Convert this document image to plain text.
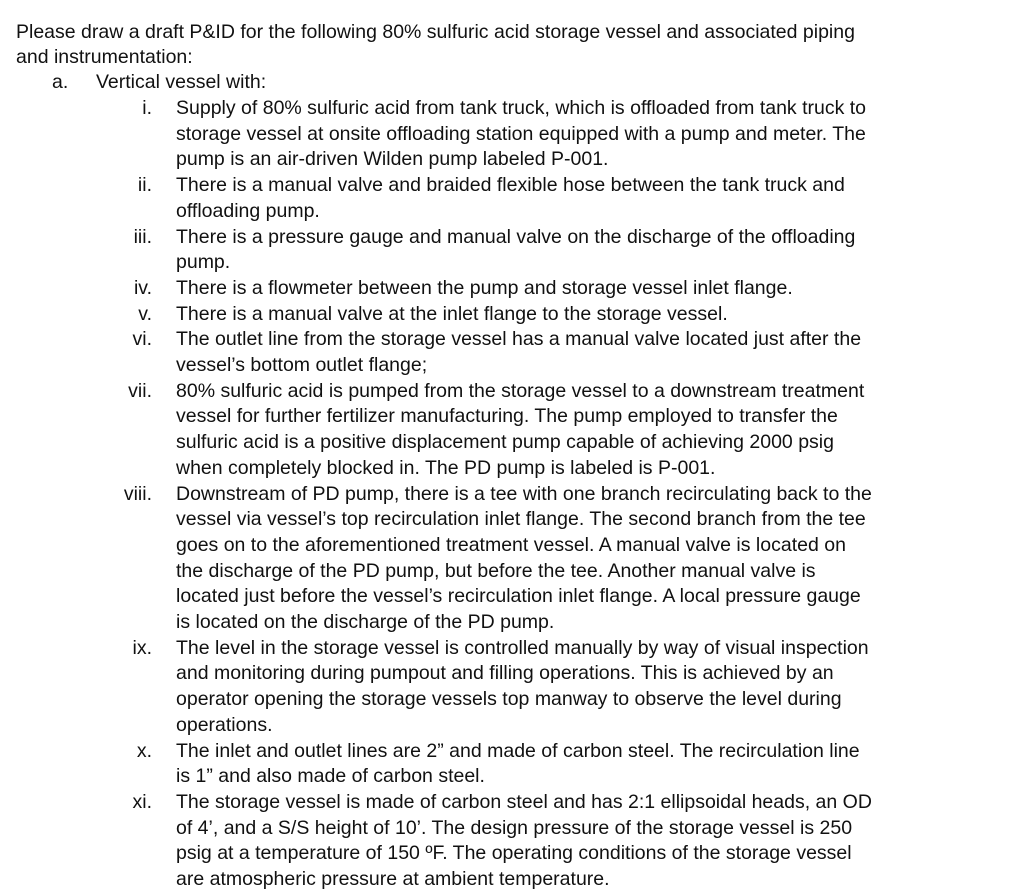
Please draw a draft P&ID for the following 80% sulfuric acid storage vessel and associated piping
and instrumentation:
a. Vertical vessel with:
i. Supply of 80% sulfuric acid from tank truck, which is offloaded from tank truck to
storage vessel at onsite offloading station equipped with a pump and meter. The
pump is an air-driven Wilden pump labeled P-001.
ii. There is a manual valve and braided flexible hose between the tank truck and
offloading pump.
iii. There is a pressure gauge and manual valve on the discharge of the offloading
pump.
iv. There is a flowmeter between the pump and storage vessel inlet flange.
v. There is a manual valve at the inlet flange to the storage vessel.
vi. The outlet line from the storage vessel has a manual valve located just after the
vessel’s bottom outlet flange;
vii. 80% sulfuric acid is pumped from the storage vessel to a downstream treatment
vessel for further fertilizer manufacturing. The pump employed to transfer the
sulfuric acid is a positive displacement pump capable of achieving 2000 psig
when completely blocked in. The PD pump is labeled is P-001.
viii. Downstream of PD pump, there is a tee with one branch recirculating back to the
vessel via vessel’s top recirculation inlet flange. The second branch from the tee
goes on to the aforementioned treatment vessel. A manual valve is located on
the discharge of the PD pump, but before the tee. Another manual valve is
located just before the vessel’s recirculation inlet flange. A local pressure gauge
is located on the discharge of the PD pump.
ix. The level in the storage vessel is controlled manually by way of visual inspection
and monitoring during pumpout and filling operations. This is achieved by an
operator opening the storage vessels top manway to observe the level during
operations.
x. The inlet and outlet lines are 2” and made of carbon steel. The recirculation line
is 1” and also made of carbon steel.
xi. The storage vessel is made of carbon steel and has 2:1 ellipsoidal heads, an OD
of 4’, and a S/S height of 10’. The design pressure of the storage vessel is 250
psig at a temperature of 150 ºF. The operating conditions of the storage vessel
are atmospheric pressure at ambient temperature.
